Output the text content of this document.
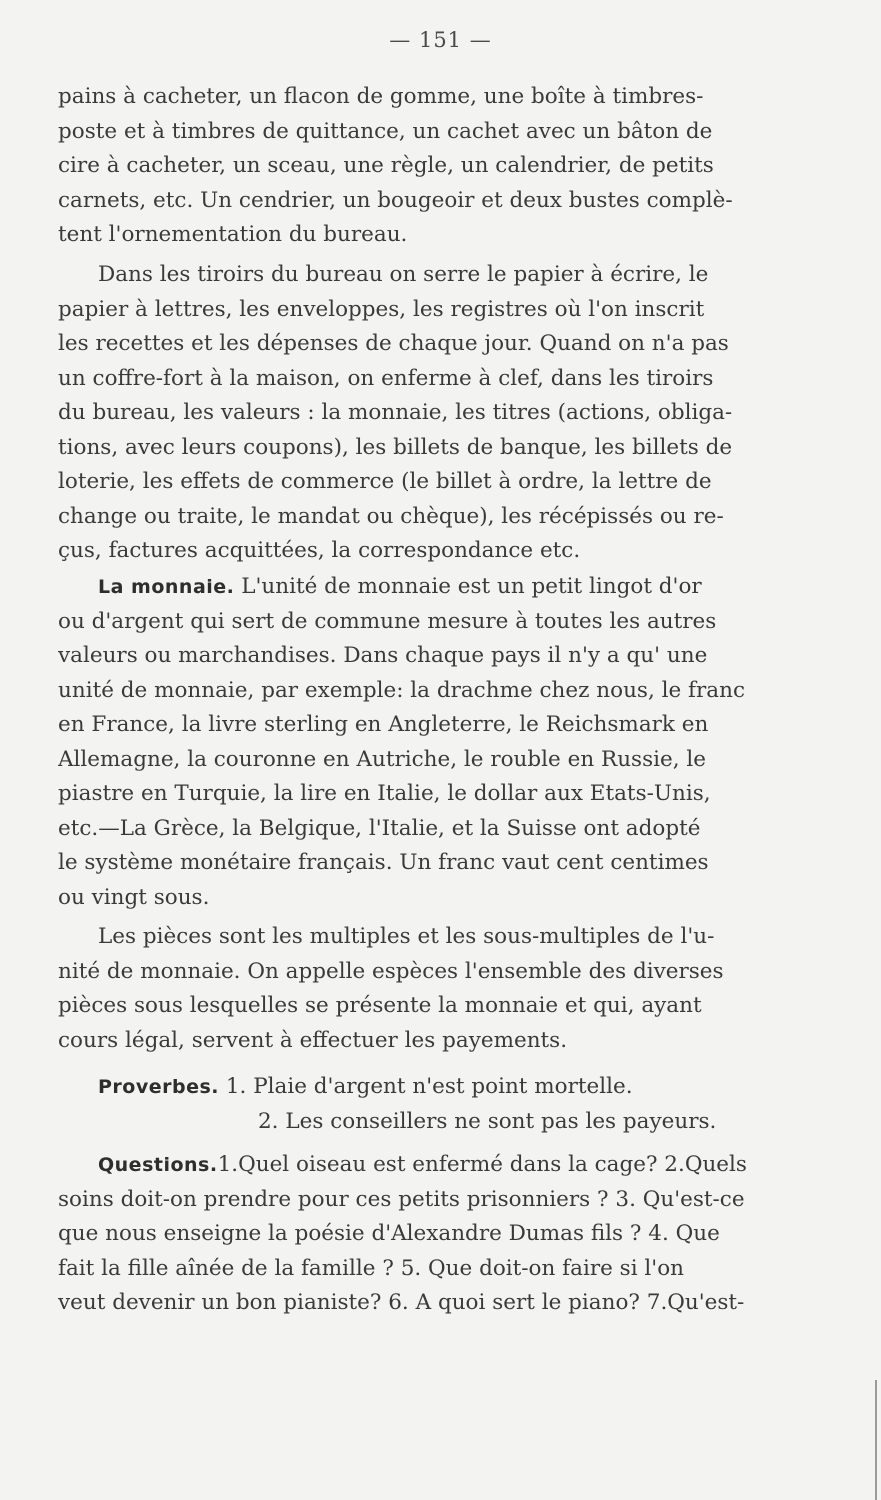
— 151 —
pains à cacheter, un flacon de gomme, une boîte à timbres-
poste et à timbres de quittance, un cachet avec un bâton de
cire à cacheter, un sceau, une règle, un calendrier, de petits
carnets, etc. Un cendrier, un bougeoir et deux bustes complè-
tent l'ornementation du bureau.
Dans les tiroirs du bureau on serre le papier à écrire, le
papier à lettres, les enveloppes, les registres où l'on inscrit
les recettes et les dépenses de chaque jour. Quand on n'a pas
un coffre-fort à la maison, on enferme à clef, dans les tiroirs
du bureau, les valeurs : la monnaie, les titres (actions, obliga-
tions, avec leurs coupons), les billets de banque, les billets de
loterie, les effets de commerce (le billet à ordre, la lettre de
change ou traite, le mandat ou chèque), les récépissés ou re-
çus, factures acquittées, la correspondance etc.
La monnaie. L'unité de monnaie est un petit lingot d'or
ou d'argent qui sert de commune mesure à toutes les autres
valeurs ou marchandises. Dans chaque pays il n'y a qu' une
unité de monnaie, par exemple: la drachme chez nous, le franc
en France, la livre sterling en Angleterre, le Reichsmark en
Allemagne, la couronne en Autriche, le rouble en Russie, le
piastre en Turquie, la lire en Italie, le dollar aux Etats-Unis,
etc.—La Grèce, la Belgique, l'Italie, et la Suisse ont adopté
le système monétaire français. Un franc vaut cent centimes
ou vingt sous.
Les pièces sont les multiples et les sous-multiples de l'u-
nité de monnaie. On appelle espèces l'ensemble des diverses
pièces sous lesquelles se présente la monnaie et qui, ayant
cours légal, servent à effectuer les payements.
Proverbes. 1. Plaie d'argent n'est point mortelle.
2. Les conseillers ne sont pas les payeurs.
Questions.1.Quel oiseau est enfermé dans la cage? 2.Quels
soins doit-on prendre pour ces petits prisonniers ? 3. Qu'est-ce
que nous enseigne la poésie d'Alexandre Dumas fils ? 4. Que
fait la fille aînée de la famille ? 5. Que doit-on faire si l'on
veut devenir un bon pianiste? 6. A quoi sert le piano? 7.Qu'est-
